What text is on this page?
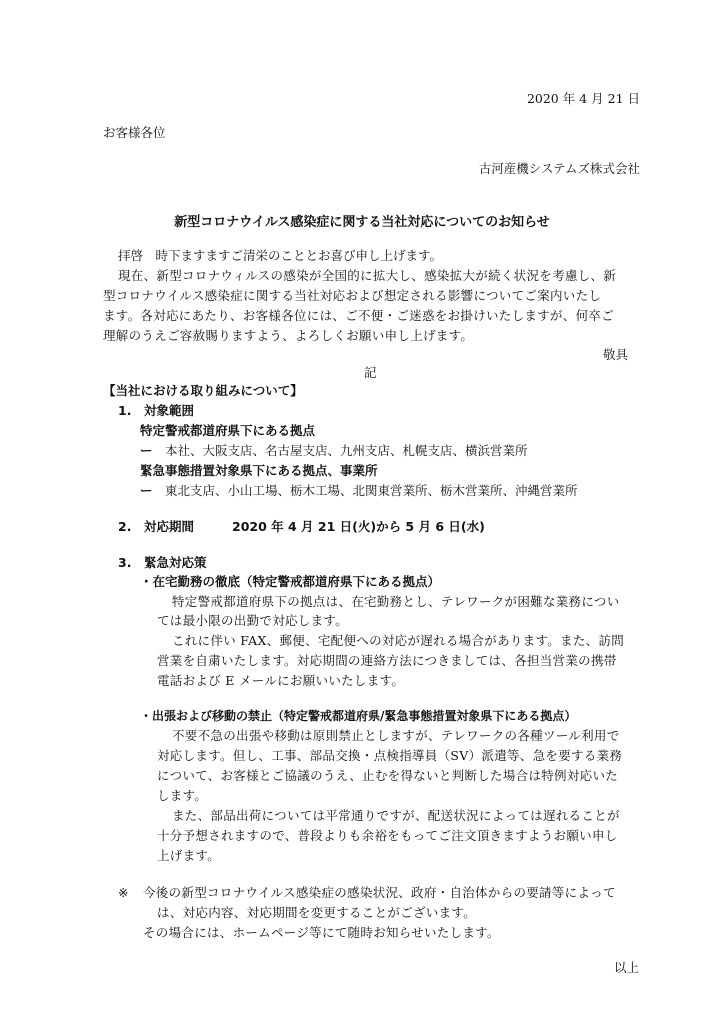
2020 年 4 月 21 日
お客様各位
古河産機システムズ株式会社
新型コロナウイルス感染症に関する当社対応についてのお知らせ
拝啓　時下ますますご清栄のこととお喜び申し上げます。
現在、新型コロナウィルスの感染が全国的に拡大し、感染拡大が続く状況を考慮し、新
型コロナウイルス感染症に関する当社対応および想定される影響についてご案内いたし
ます。各対応にあたり、お客様各位には、ご不便・ご迷惑をお掛けいたしますが、何卒ご
理解のうえご容赦賜りますよう、よろしくお願い申し上げます。
敬具
記
【当社における取り組みについて】
1.　対象範囲
特定警戒都道府県下にある拠点
ー 本社、大阪支店、名古屋支店、九州支店、札幌支店、横浜営業所
緊急事態措置対象県下にある拠点、事業所
ー 東北支店、小山工場、栃木工場、北関東営業所、栃木営業所、沖縄営業所
2.　対応期間	2020 年 4 月 21 日(火)から 5 月 6 日(水)
3.　緊急対応策
・在宅勤務の徹底（特定警戒都道府県下にある拠点）
特定警戒都道府県下の拠点は、在宅勤務とし、テレワークが困難な業務につい
ては最小限の出勤で対応します。
これに伴い FAX、郵便、宅配便への対応が遅れる場合があります。また、訪問
営業を自粛いたします。対応期間の連絡方法につきましては、各担当営業の携帯
電話および E メールにお願いいたします。
・出張および移動の禁止（特定警戒都道府県/緊急事態措置対象県下にある拠点）
不要不急の出張や移動は原則禁止としますが、テレワークの各種ツール利用で
対応します。但し、工事、部品交換・点検指導員（SV）派遣等、急を要する業務
について、お客様とご協議のうえ、止むを得ないと判断した場合は特例対応いた
します。
また、部品出荷については平常通りですが、配送状況によっては遅れることが
十分予想されますので、普段よりも余裕をもってご注文頂きますようお願い申し
上げます。
※ 今後の新型コロナウイルス感染症の感染状況、政府・自治体からの要請等によって
は、対応内容、対応期間を変更することがございます。
その場合には、ホームページ等にて随時お知らせいたします。
以上
